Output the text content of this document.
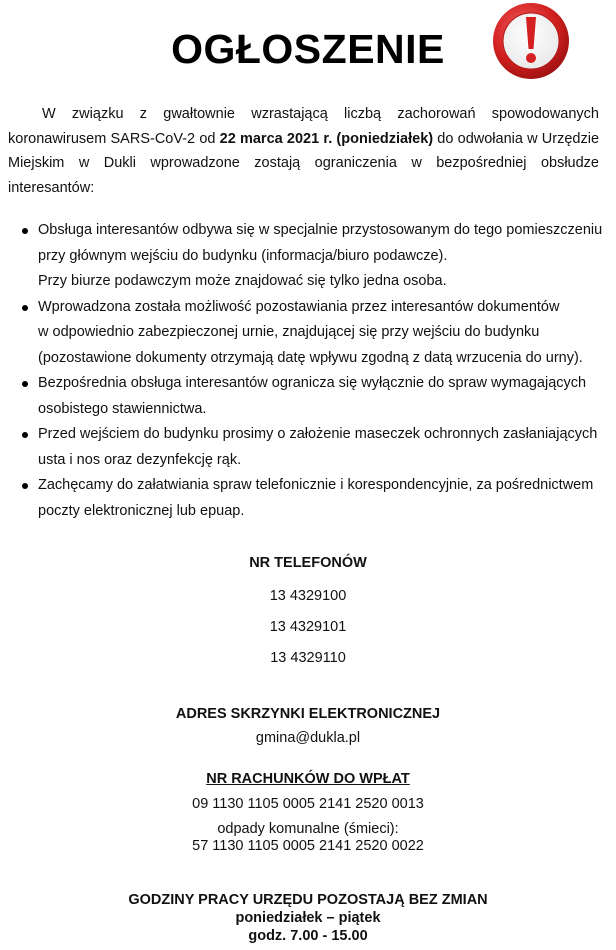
OGŁOSZENIE

W związku z gwałtownie wzrastającą liczbą zachorowań spowodowanych koronawirusem SARS-CoV-2 od 22 marca 2021 r. (poniedziałek) do odwołania w Urzędzie Miejskim w Dukli wprowadzone zostają ograniczenia w bezpośredniej obsłudze interesantów:

Obsługa interesantów odbywa się w specjalnie przystosowanym do tego pomieszczeniu
przy głównym wejściu do budynku (informacja/biuro podawcze).
Przy biurze podawczym może znajdować się tylko jedna osoba.
Wprowadzona została możliwość pozostawiania przez interesantów dokumentów
w odpowiednio zabezpieczonej urnie, znajdującej się przy wejściu do budynku
(pozostawione dokumenty otrzymają datę wpływu zgodną z datą wrzucenia do urny).
Bezpośrednia obsługa interesantów ogranicza się wyłącznie do spraw wymagających
osobistego stawiennictwa.
Przed wejściem do budynku prosimy o założenie maseczek ochronnych zasłaniających
usta i nos oraz dezynfekcję rąk.
Zachęcamy do załatwiania spraw telefonicznie i korespondencyjnie, za pośrednictwem
poczty elektronicznej lub epuap.
NR TELEFONÓW
13 4329100
13 4329101
13 4329110
ADRES SKRZYNKI ELEKTRONICZNEJ
gmina@dukla.pl
NR RACHUNKÓW DO WPŁAT
09 1130 1105 0005 2141 2520 0013
odpady komunalne (śmieci):
57 1130 1105 0005 2141 2520 0022
GODZINY PRACY URZĘDU POZOSTAJĄ BEZ ZMIAN
poniedziałek – piątek
godz. 7.00 - 15.00
